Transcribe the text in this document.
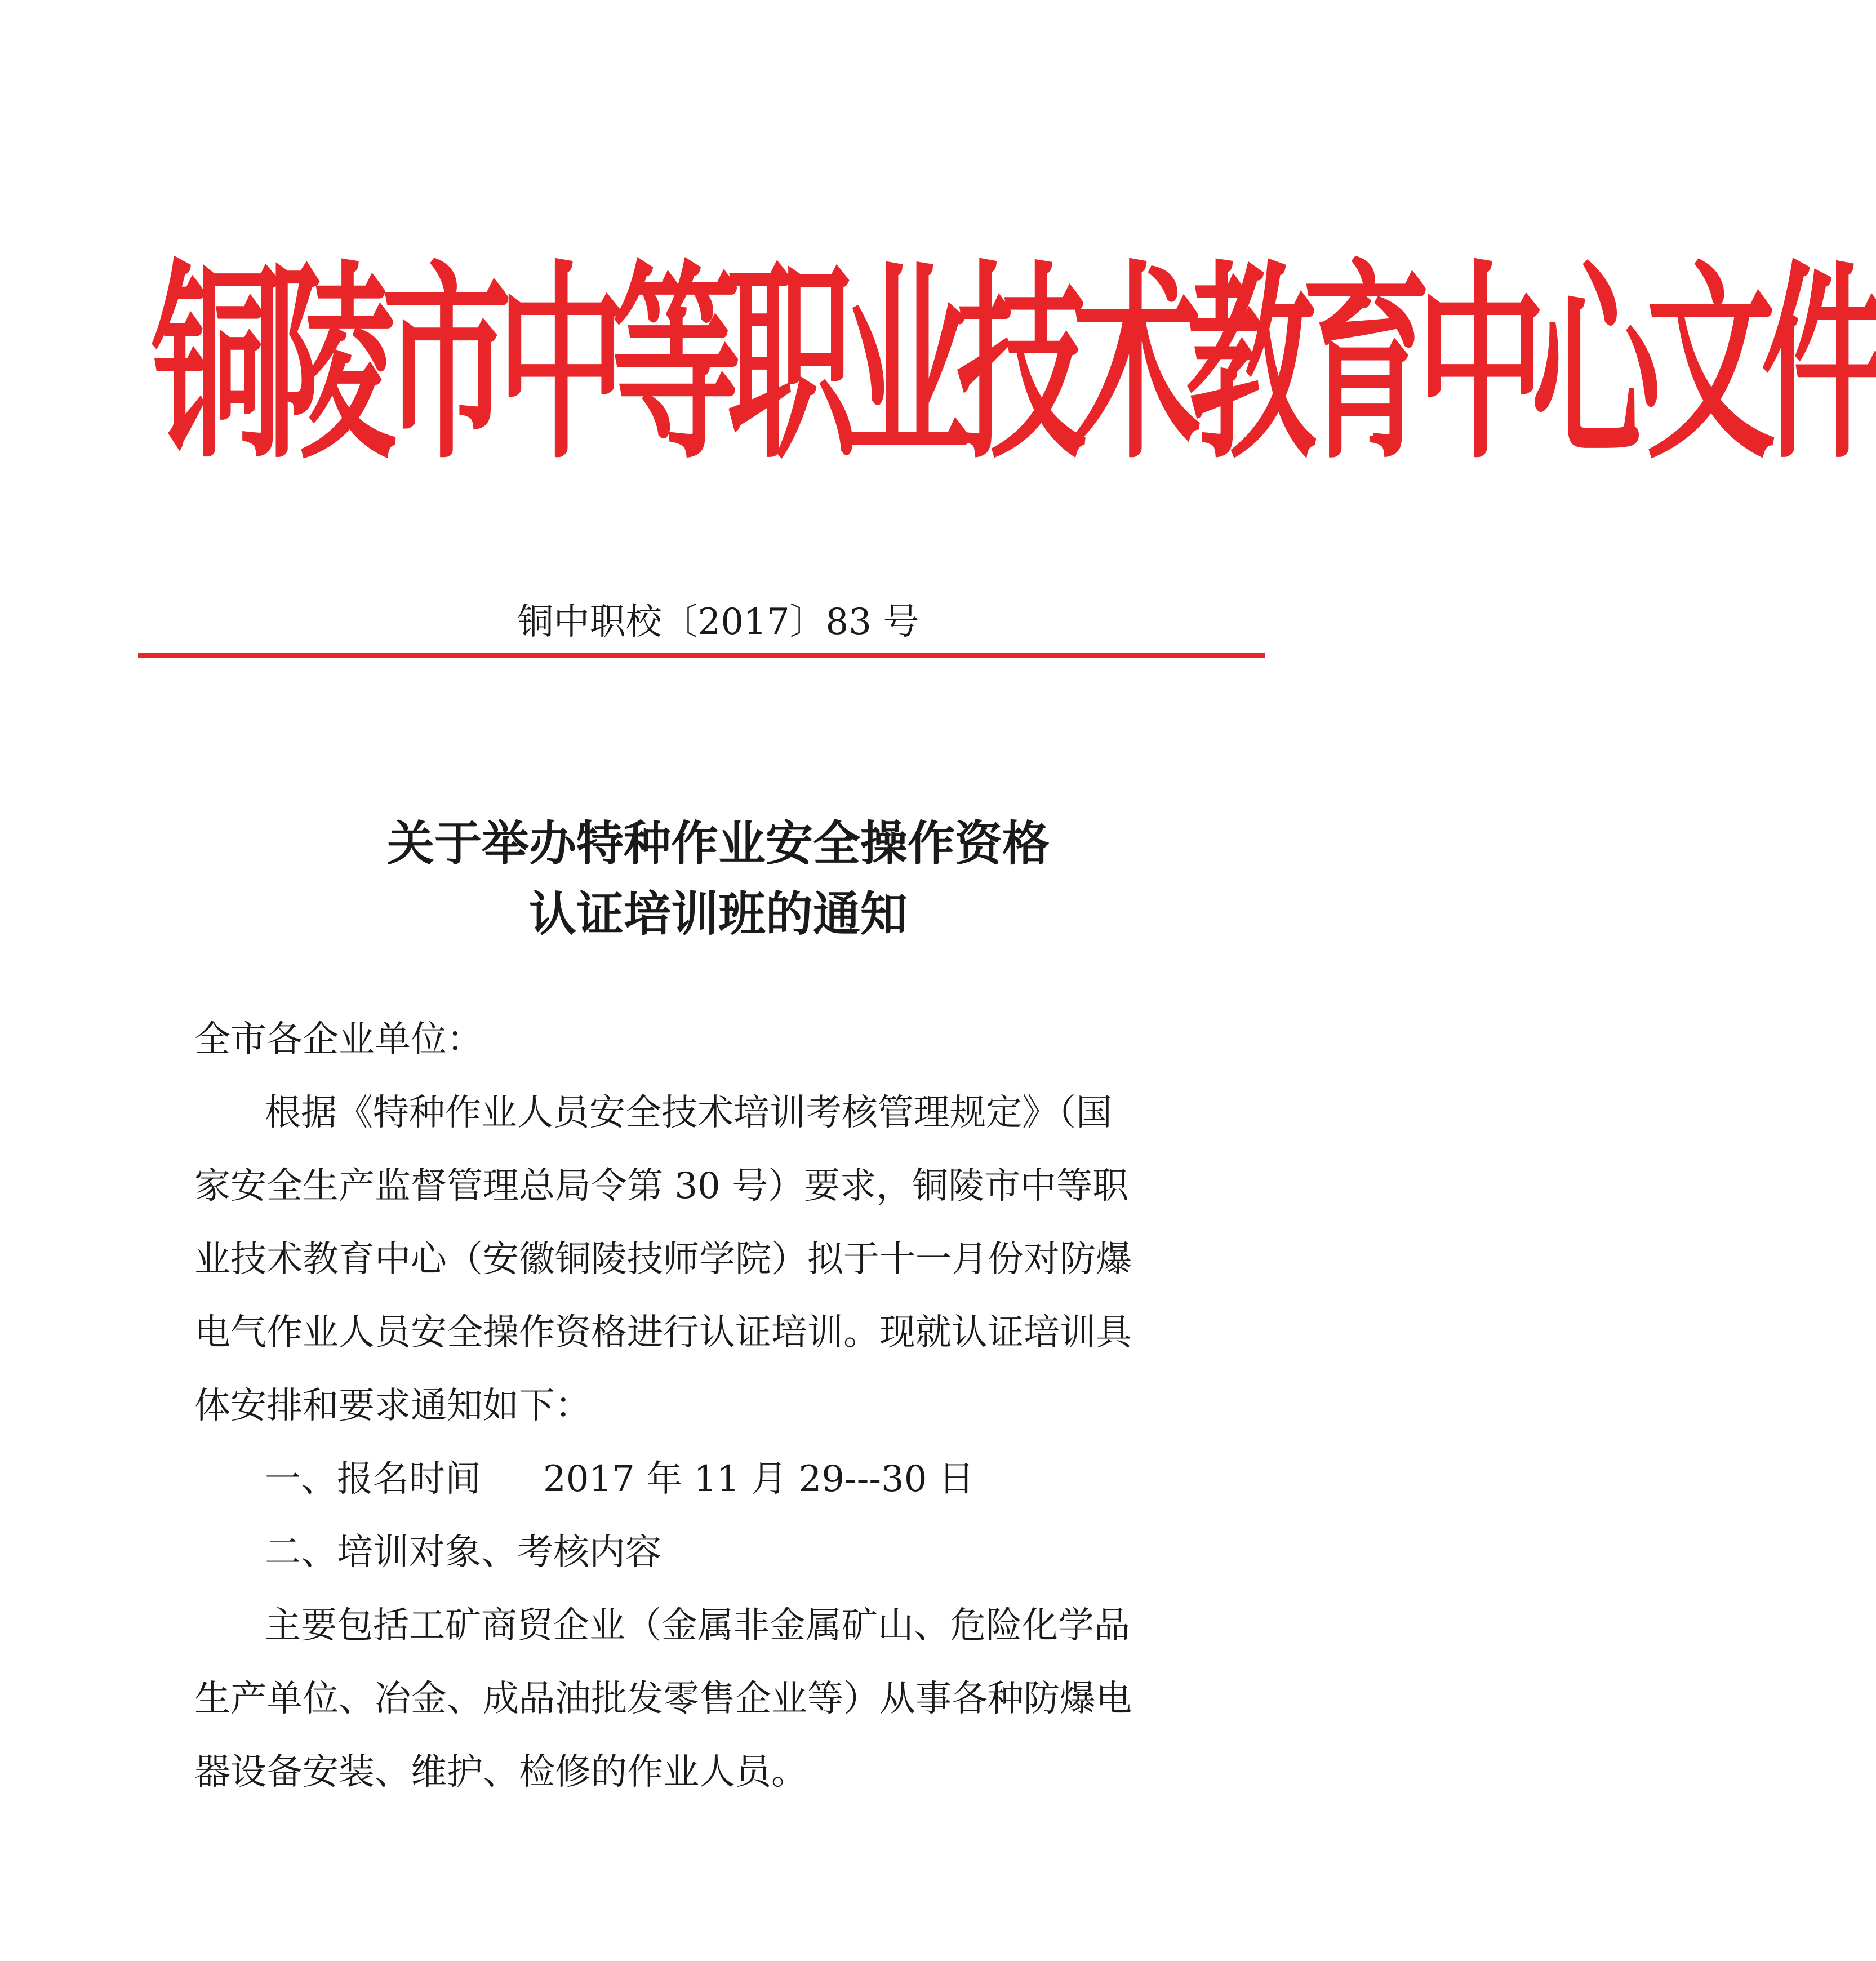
铜陵市中等职业技术教育中心文件
铜中职校〔2017〕83 号
关于举办特种作业安全操作资格
认证培训班的通知
全市各企业单位：
根据《特种作业人员安全技术培训考核管理规定》（国
家安全生产监督管理总局令第 30 号）要求，铜陵市中等职
业技术教育中心（安徽铜陵技师学院）拟于十一月份对防爆
电气作业人员安全操作资格进行认证培训。现就认证培训具
体安排和要求通知如下：
一、报名时间 2017 年 11 月 29---30 日
二、培训对象、考核内容
主要包括工矿商贸企业（金属非金属矿山、危险化学品
生产单位、冶金、成品油批发零售企业等）从事各种防爆电
器设备安装、维护、检修的作业人员。
